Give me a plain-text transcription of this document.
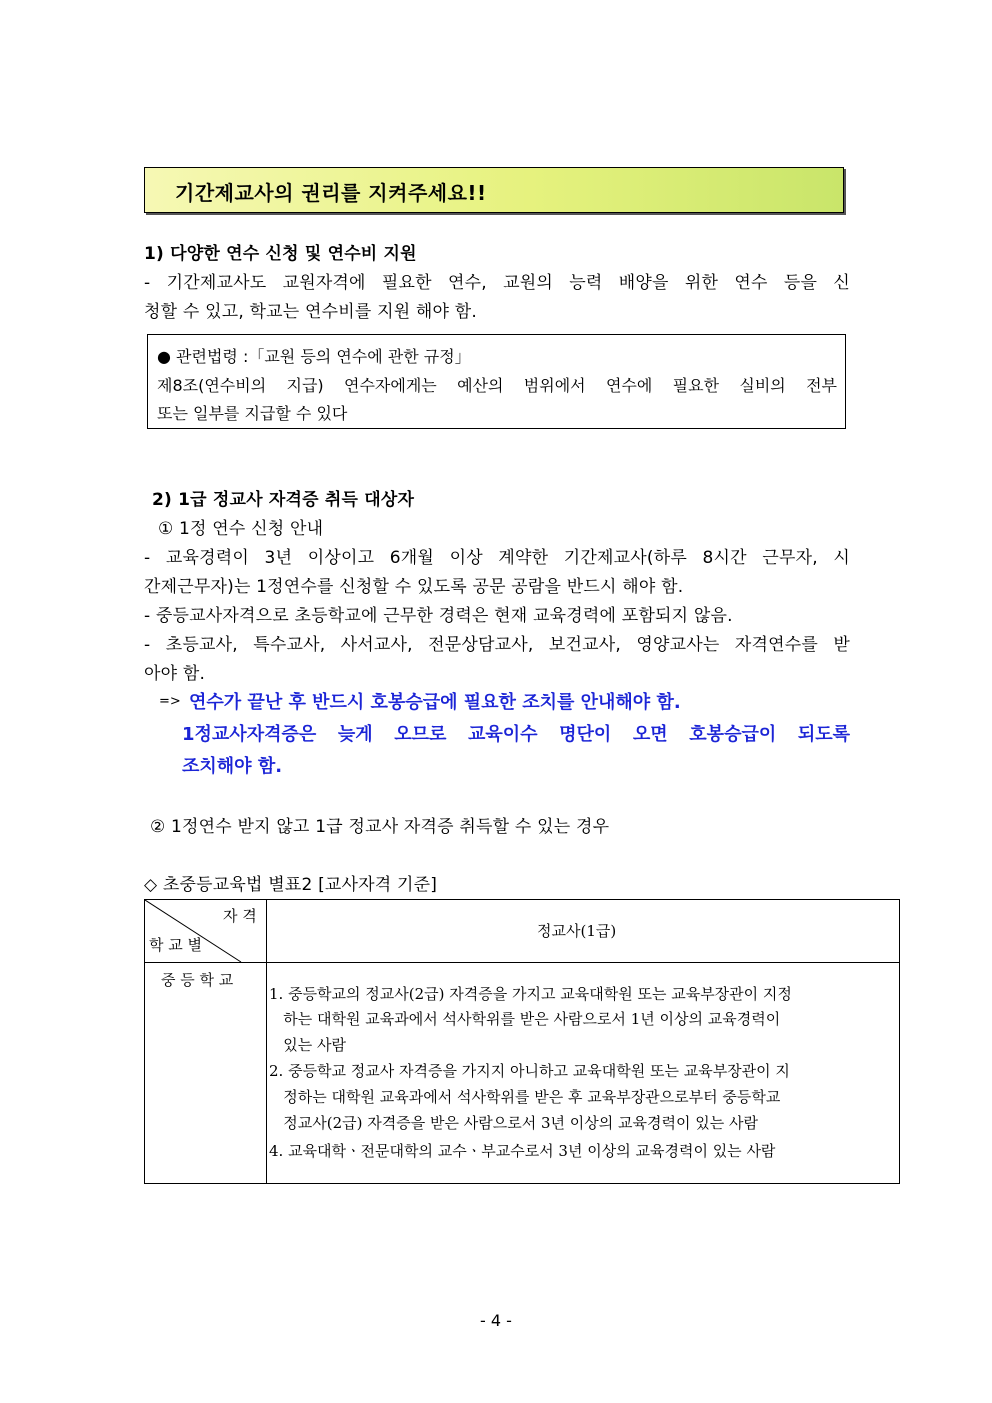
기간제교사의 권리를 지켜주세요!!
1) 다양한 연수 신청 및 연수비 지원
- 기간제교사도 교원자격에 필요한 연수, 교원의 능력 배양을 위한 연수 등을 신
청할 수 있고, 학교는 연수비를 지원 해야 함.
● 관련법령 :「교원 등의 연수에 관한 규정」
제8조(연수비의 지급) 연수자에게는 예산의 범위에서 연수에 필요한 실비의 전부
또는 일부를 지급할 수 있다
2) 1급 정교사 자격증 취득 대상자
① 1정 연수 신청 안내
- 교육경력이 3년 이상이고 6개월 이상 계약한 기간제교사(하루 8시간 근무자, 시
간제근무자)는 1정연수를 신청할 수 있도록 공문 공람을 반드시 해야 함.
- 중등교사자격으로 초등학교에 근무한 경력은 현재 교육경력에 포함되지 않음.
- 초등교사, 특수교사, 사서교사, 전문상담교사, 보건교사, 영양교사는 자격연수를 받
아야 함.
=> 연수가 끝난 후 반드시 호봉승급에 필요한 조치를 안내해야 함.
1정교사자격증은 늦게 오므로 교육이수 명단이 오면 호봉승급이 되도록
조치해야 함.
② 1정연수 받지 않고 1급 정교사 자격증 취득할 수 있는 경우
◇ 초중등교육법 별표2 [교사자격 기준]
자 격
학 교 별
정교사(1급)
중 등 학 교
1. 중등학교의 정교사(2급) 자격증을 가지고 교육대학원 또는 교육부장관이 지정
하는 대학원 교육과에서 석사학위를 받은 사람으로서 1년 이상의 교육경력이
있는 사람
2. 중등학교 정교사 자격증을 가지지 아니하고 교육대학원 또는 교육부장관이 지
정하는 대학원 교육과에서 석사학위를 받은 후 교육부장관으로부터 중등학교
정교사(2급) 자격증을 받은 사람으로서 3년 이상의 교육경력이 있는 사람
4. 교육대학ㆍ전문대학의 교수ㆍ부교수로서 3년 이상의 교육경력이 있는 사람
- 4 -
